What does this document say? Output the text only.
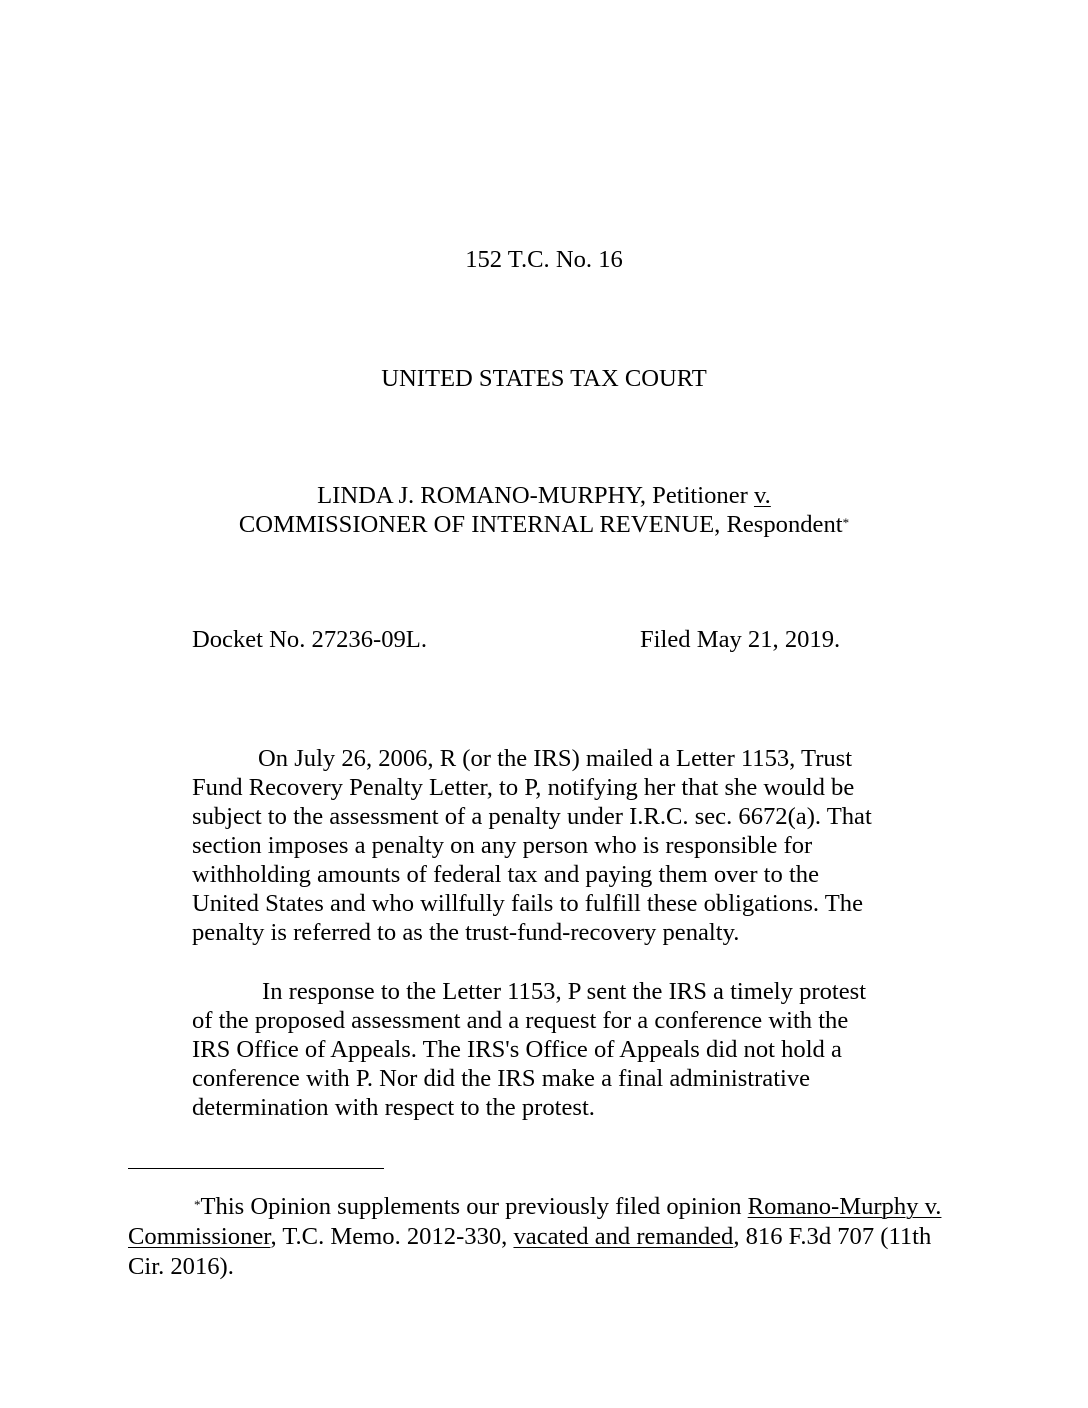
152 T.C. No. 16

UNITED STATES TAX COURT

LINDA J. ROMANO-MURPHY, Petitioner v.

COMMISSIONER OF INTERNAL REVENUE, Respondent*

Docket No. 27236-09L.	Filed May 21, 2019.

On July 26, 2006, R (or the IRS) mailed a Letter 1153, Trust
Fund Recovery Penalty Letter, to P, notifying her that she would be
subject to the assessment of a penalty under I.R.C. sec. 6672(a). That
section imposes a penalty on any person who is responsible for
withholding amounts of federal tax and paying them over to the
United States and who willfully fails to fulfill these obligations. The
penalty is referred to as the trust-fund-recovery penalty.
In response to the Letter 1153, P sent the IRS a timely protest
of the proposed assessment and a request for a conference with the
IRS Office of Appeals. The IRS's Office of Appeals did not hold a
conference with P. Nor did the IRS make a final administrative
determination with respect to the protest.
*This Opinion supplements our previously filed opinion Romano-Murphy v.
Commissioner, T.C. Memo. 2012-330, vacated and remanded, 816 F.3d 707 (11th
Cir. 2016).
